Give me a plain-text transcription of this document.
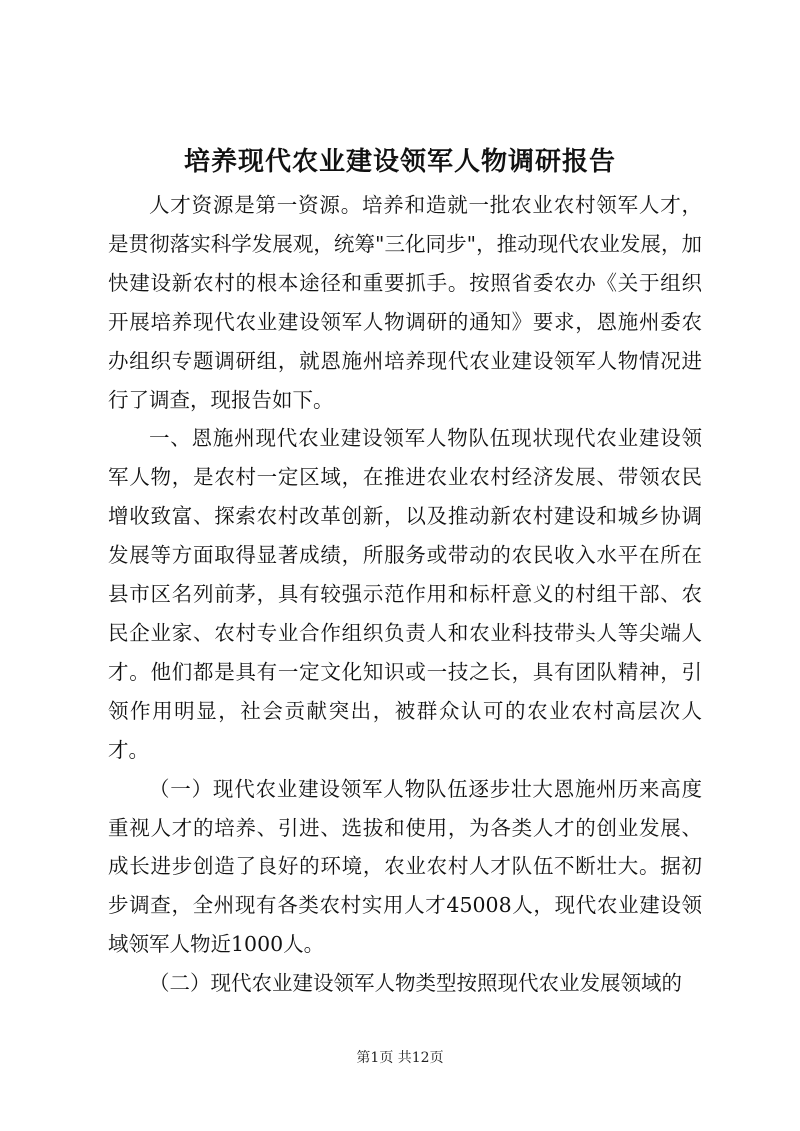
培养现代农业建设领军人物调研报告

人才资源是第一资源。培养和造就一批农业农村领军人才，是贯彻落实科学发展观，统筹"三化同步"，推动现代农业发展，加快建设新农村的根本途径和重要抓手。按照省委农办《关于组织开展培养现代农业建设领军人物调研的通知》要求，恩施州委农办组织专题调研组，就恩施州培养现代农业建设领军人物情况进行了调查，现报告如下。

一、恩施州现代农业建设领军人物队伍现状现代农业建设领军人物，是农村一定区域，在推进农业农村经济发展、带领农民增收致富、探索农村改革创新，以及推动新农村建设和城乡协调发展等方面取得显著成绩，所服务或带动的农民收入水平在所在县市区名列前茅，具有较强示范作用和标杆意义的村组干部、农民企业家、农村专业合作组织负责人和农业科技带头人等尖端人才。他们都是具有一定文化知识或一技之长，具有团队精神，引领作用明显，社会贡献突出，被群众认可的农业农村高层次人才。

（一）现代农业建设领军人物队伍逐步壮大恩施州历来高度重视人才的培养、引进、选拔和使用，为各类人才的创业发展、成长进步创造了良好的环境，农业农村人才队伍不断壮大。据初步调查，全州现有各类农村实用人才45008人，现代农业建设领域领军人物近1000人。

（二）现代农业建设领军人物类型按照现代农业发展领域的

第1页 共12页
